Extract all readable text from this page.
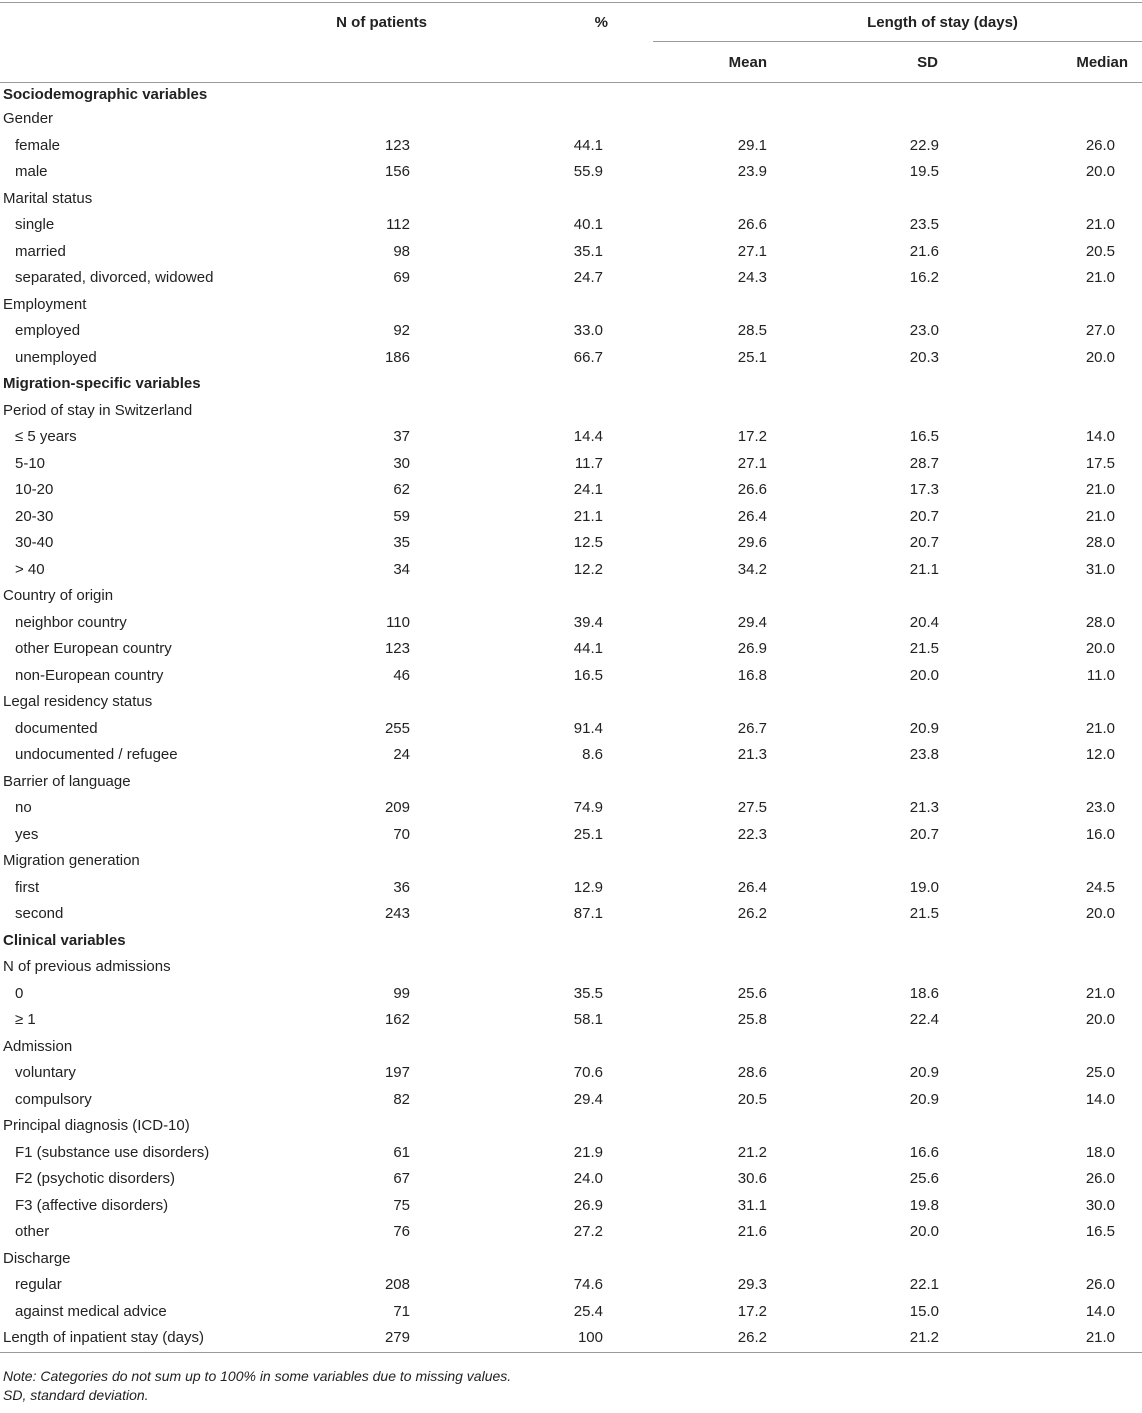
	N of patients	%	Length of stay (days)		
			Mean	SD	Median
Sociodemographic variables					
Gender					
female	123	44.1	29.1	22.9	26.0
male	156	55.9	23.9	19.5	20.0
Marital status					
single	112	40.1	26.6	23.5	21.0
married	98	35.1	27.1	21.6	20.5
separated, divorced, widowed	69	24.7	24.3	16.2	21.0
Employment					
employed	92	33.0	28.5	23.0	27.0
unemployed	186	66.7	25.1	20.3	20.0
Migration-specific variables					
Period of stay in Switzerland					
≤ 5 years	37	14.4	17.2	16.5	14.0
5-10	30	11.7	27.1	28.7	17.5
10-20	62	24.1	26.6	17.3	21.0
20-30	59	21.1	26.4	20.7	21.0
30-40	35	12.5	29.6	20.7	28.0
> 40	34	12.2	34.2	21.1	31.0
Country of origin					
neighbor country	110	39.4	29.4	20.4	28.0
other European country	123	44.1	26.9	21.5	20.0
non-European country	46	16.5	16.8	20.0	11.0
Legal residency status					
documented	255	91.4	26.7	20.9	21.0
undocumented / refugee	24	8.6	21.3	23.8	12.0
Barrier of language					
no	209	74.9	27.5	21.3	23.0
yes	70	25.1	22.3	20.7	16.0
Migration generation					
first	36	12.9	26.4	19.0	24.5
second	243	87.1	26.2	21.5	20.0
Clinical variables					
N of previous admissions					
0	99	35.5	25.6	18.6	21.0
≥ 1	162	58.1	25.8	22.4	20.0
Admission					
voluntary	197	70.6	28.6	20.9	25.0
compulsory	82	29.4	20.5	20.9	14.0
Principal diagnosis (ICD-10)					
F1 (substance use disorders)	61	21.9	21.2	16.6	18.0
F2 (psychotic disorders)	67	24.0	30.6	25.6	26.0
F3 (affective disorders)	75	26.9	31.1	19.8	30.0
other	76	27.2	21.6	20.0	16.5
Discharge					
regular	208	74.6	29.3	22.1	26.0
against medical advice	71	25.4	17.2	15.0	14.0
Length of inpatient stay (days)	279	100	26.2	21.2	21.0
Note: Categories do not sum up to 100% in some variables due to missing values.
SD, standard deviation.
